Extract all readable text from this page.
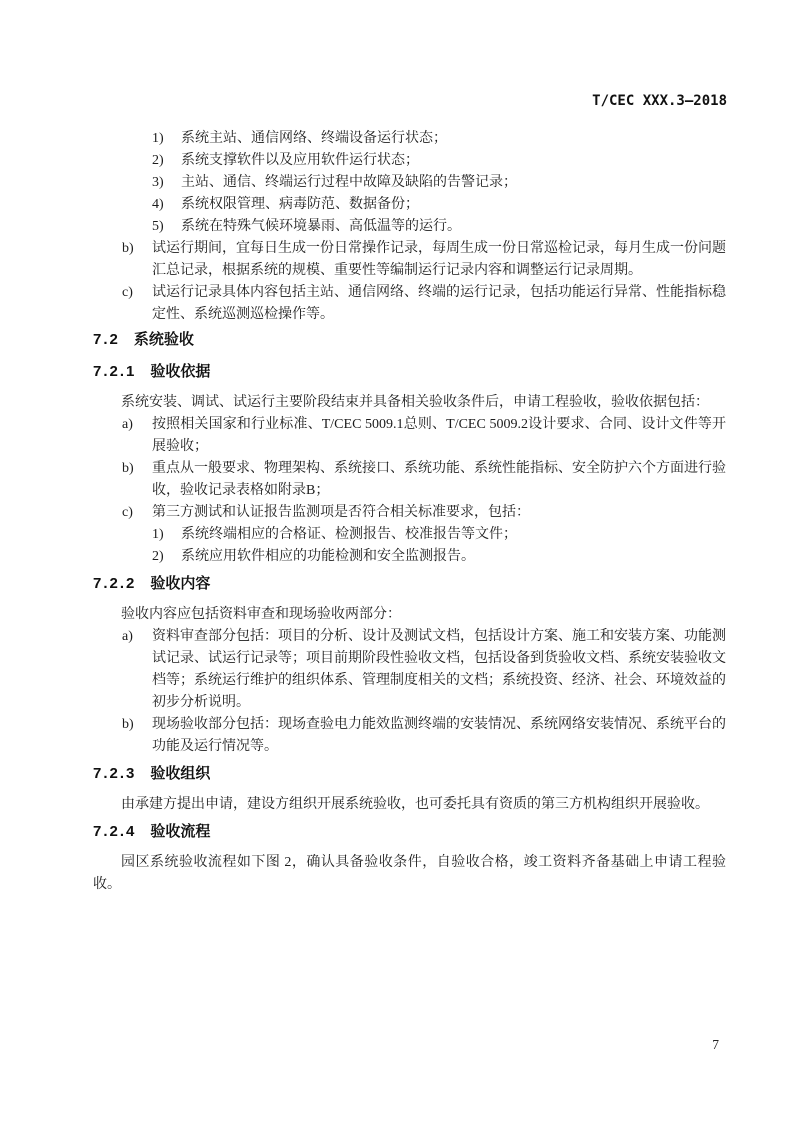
T/CEC XXX.3—2018
1)	系统主站、通信网络、终端设备运行状态；
2)	系统支撑软件以及应用软件运行状态；
3)	主站、通信、终端运行过程中故障及缺陷的告警记录；
4)	系统权限管理、病毒防范、数据备份；
5)	系统在特殊气候环境暴雨、高低温等的运行。
b)	试运行期间，宜每日生成一份日常操作记录，每周生成一份日常巡检记录，每月生成一份问题汇总记录，根据系统的规模、重要性等编制运行记录内容和调整运行记录周期。
c)	试运行记录具体内容包括主站、通信网络、终端的运行记录，包括功能运行异常、性能指标稳定性、系统巡测巡检操作等。
7.2 系统验收
7.2.1 验收依据

系统安装、调试、试运行主要阶段结束并具备相关验收条件后，申请工程验收，验收依据包括：

a)	按照相关国家和行业标准、T/CEC 5009.1总则、T/CEC 5009.2设计要求、合同、设计文件等开展验收；
b)	重点从一般要求、物理架构、系统接口、系统功能、系统性能指标、安全防护六个方面进行验收，验收记录表格如附录B；
c)	第三方测试和认证报告监测项是否符合相关标准要求，包括：
1)	系统终端相应的合格证、检测报告、校准报告等文件；
2)	系统应用软件相应的功能检测和安全监测报告。
7.2.2 验收内容

验收内容应包括资料审查和现场验收两部分：

a)	资料审查部分包括：项目的分析、设计及测试文档，包括设计方案、施工和安装方案、功能测试记录、试运行记录等；项目前期阶段性验收文档，包括设备到货验收文档、系统安装验收文档等；系统运行维护的组织体系、管理制度相关的文档；系统投资、经济、社会、环境效益的初步分析说明。
b)	现场验收部分包括：现场查验电力能效监测终端的安装情况、系统网络安装情况、系统平台的功能及运行情况等。
7.2.3 验收组织

由承建方提出申请，建设方组织开展系统验收，也可委托具有资质的第三方机构组织开展验收。

7.2.4 验收流程

园区系统验收流程如下图 2，确认具备验收条件，自验收合格，竣工资料齐备基础上申请工程验收。

7
